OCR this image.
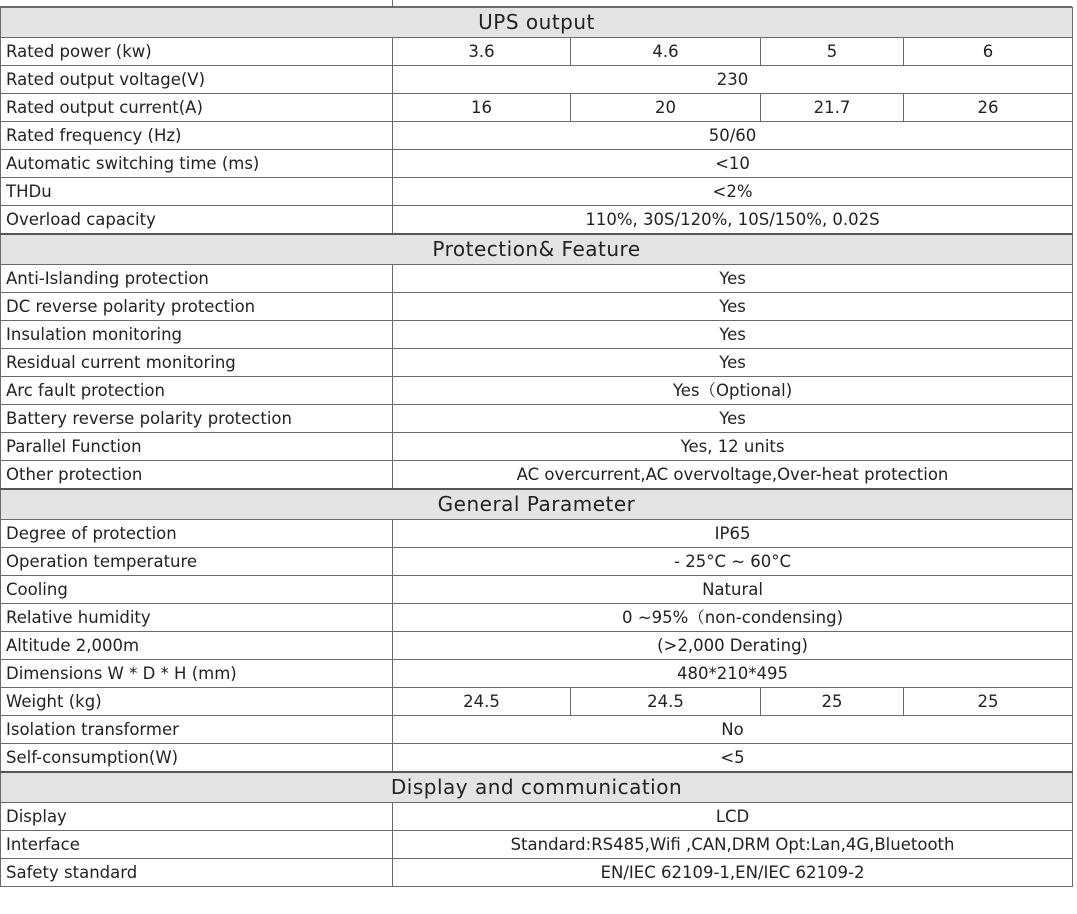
UPS output				
Rated power (kw)	3.6	4.6	5	6
Rated output voltage(V)	230			
Rated output current(A)	16	20	21.7	26
Rated frequency (Hz)	50/60			
Automatic switching time (ms)	<10			
THDu	<2%			
Overload capacity	110%, 30S/120%, 10S/150%, 0.02S			
Protection& Feature				
Anti-Islanding protection	Yes			
DC reverse polarity protection	Yes			
Insulation monitoring	Yes			
Residual current monitoring	Yes			
Arc fault protection	Yes（Optional)			
Battery reverse polarity protection	Yes			
Parallel Function	Yes, 12 units			
Other protection	AC overcurrent,AC overvoltage,Over-heat protection			
General Parameter				
Degree of protection	IP65			
Operation temperature	- 25°C ~ 60°C			
Cooling	Natural			
Relative humidity	0 ~95%（non-condensing)			
Altitude 2,000m	(>2,000 Derating)			
Dimensions W * D * H (mm)	480*210*495			
Weight (kg)	24.5	24.5	25	25
Isolation transformer	No			
Self-consumption(W)	<5			
Display and communication				
Display	LCD			
Interface	Standard:RS485,Wifi ,CAN,DRM Opt:Lan,4G,Bluetooth			
Safety standard	EN/IEC 62109-1,EN/IEC 62109-2			
